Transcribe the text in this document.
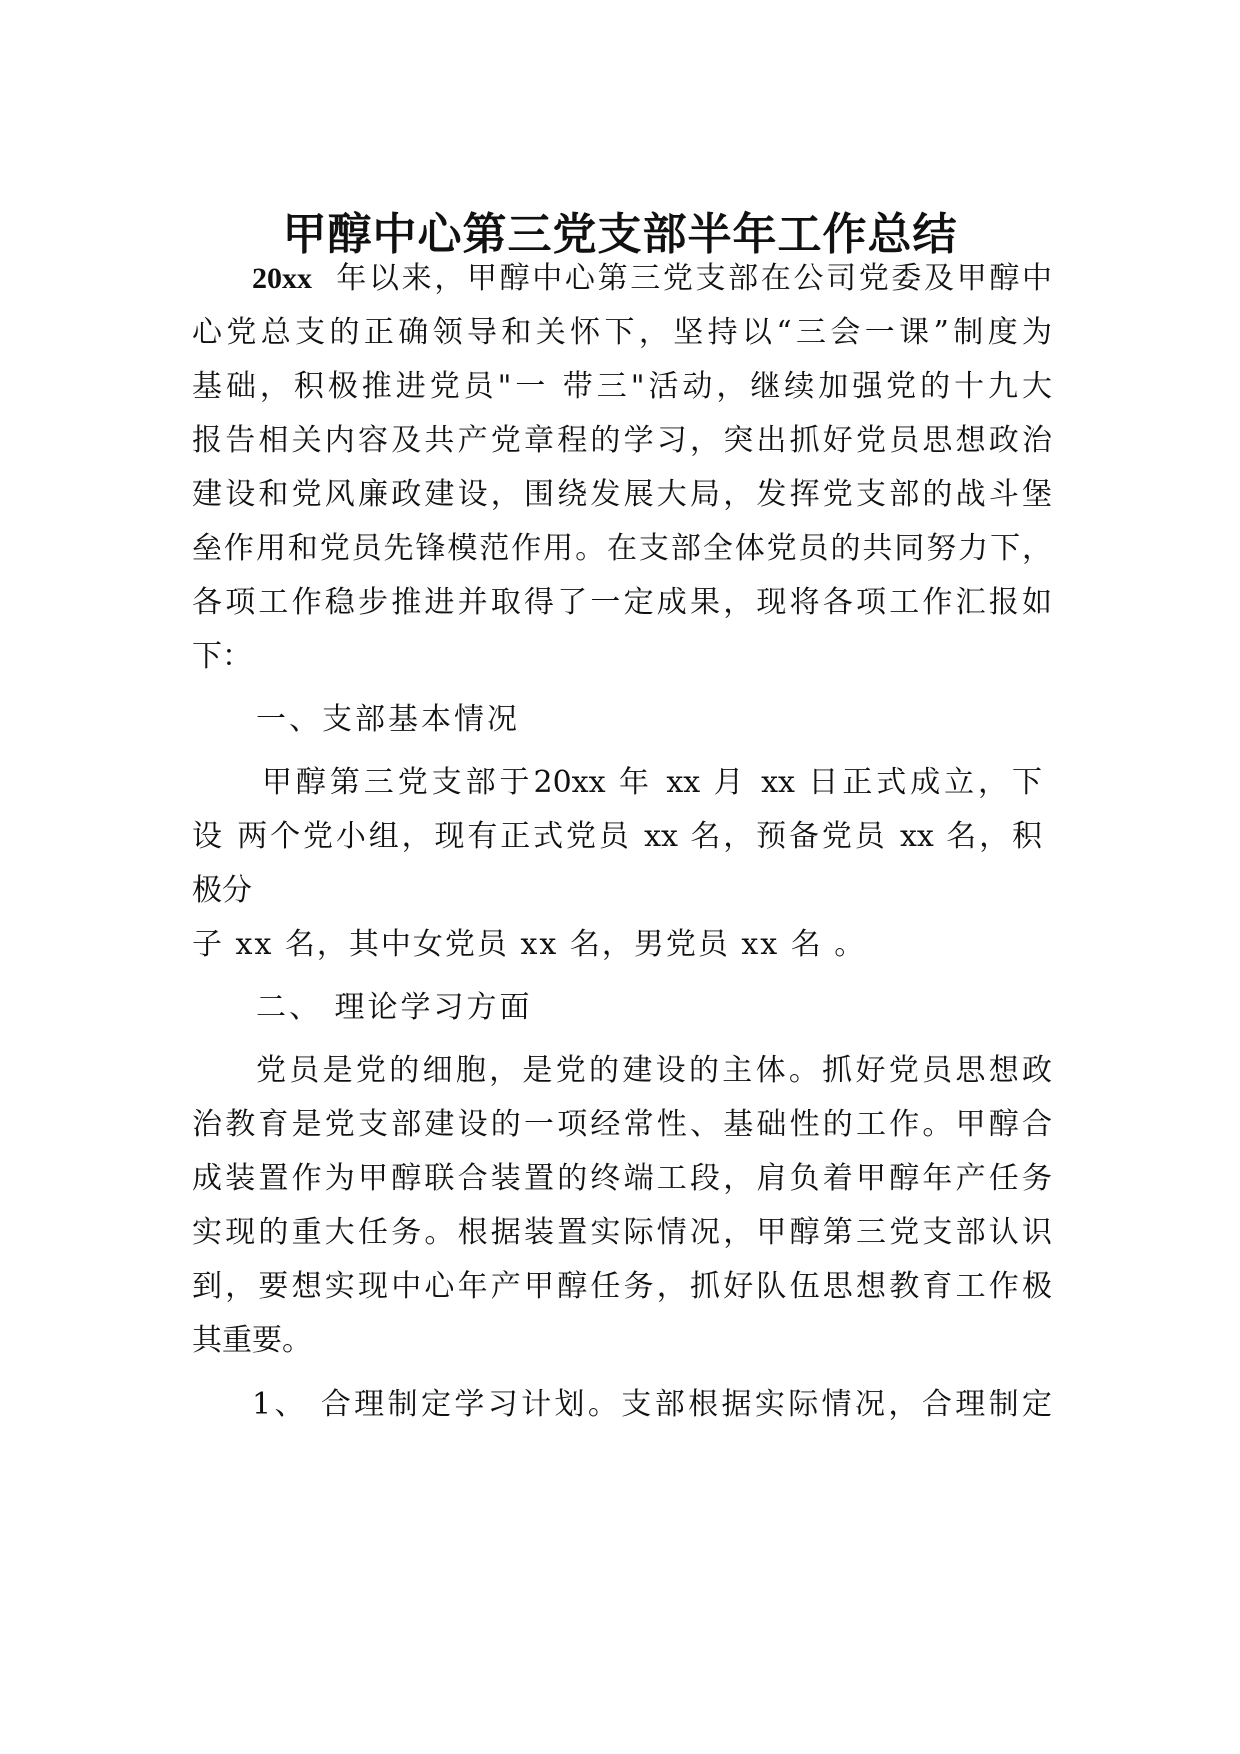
甲醇中心第三党支部半年工作总结
20xx 年以来，甲醇中心第三党支部在公司党委及甲醇中
心党总支的正确领导和关怀下，坚持以“三会一课”制度为
基础，积极推进党员"一 带三"活动，继续加强党的十九大
报告相关内容及共产党章程的学习，突出抓好党员思想政治
建设和党风廉政建设，围绕发展大局，发挥党支部的战斗堡
垒作用和党员先锋模范作用。在支部全体党员的共同努力下，
各项工作稳步推进并取得了一定成果，现将各项工作汇报如
下：
一、支部基本情况
甲醇第三党支部于20xx 年 xx 月 xx 日正式成立，下
设 两个党小组，现有正式党员 xx 名，预备党员 xx 名，积
极分
子 xx 名，其中女党员 xx 名，男党员 xx 名 。
二、 理论学习方面
党员是党的细胞，是党的建设的主体。抓好党员思想政
治教育是党支部建设的一项经常性、基础性的工作。甲醇合
成装置作为甲醇联合装置的终端工段，肩负着甲醇年产任务
实现的重大任务。根据装置实际情况，甲醇第三党支部认识
到，要想实现中心年产甲醇任务，抓好队伍思想教育工作极
其重要。
1、 合理制定学习计划。支部根据实际情况，合理制定
